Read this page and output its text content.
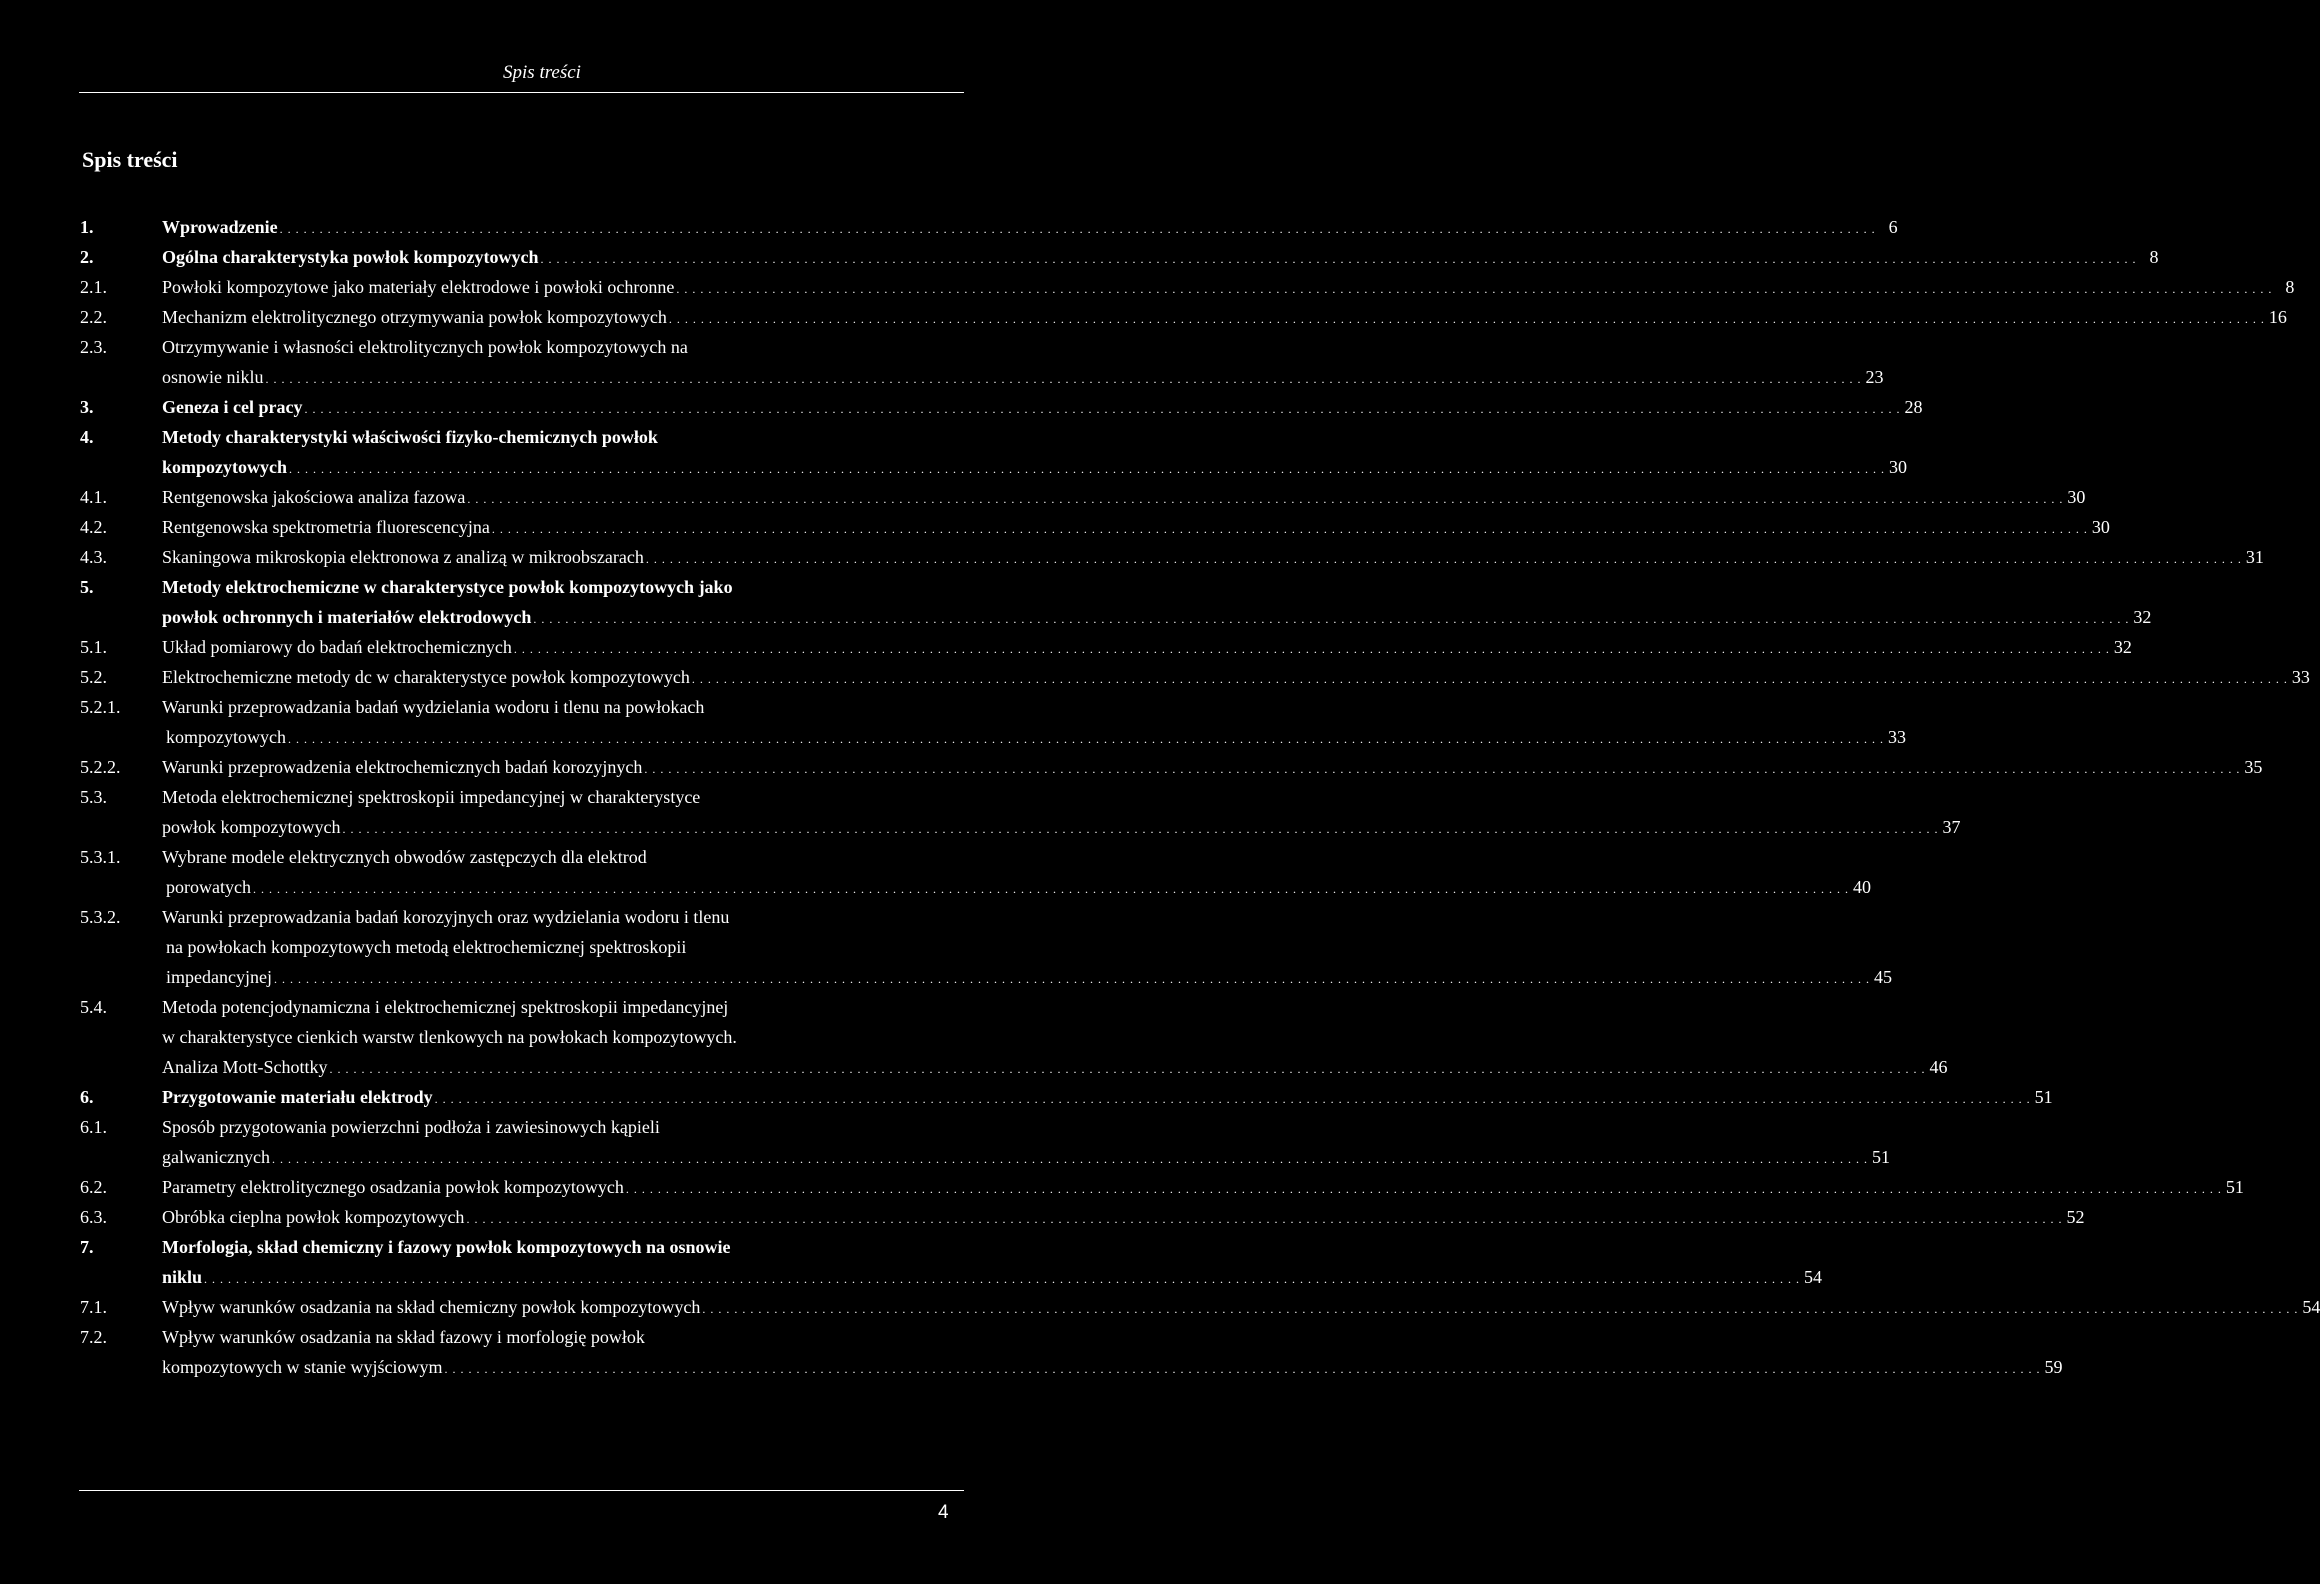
Spis treści
Spis treści
1.	Wprowadzenie . . . . . . . . . . . . . . . . . . . . . . . . . . . . . . . . . . . . . . . . . . . . . . . . . . . . . . . . . . . . . . . . . . . . . . . . . . . . . . . . . . . . . . . . . . . . . . . . . . . . . . . . . . . . . . . . . . . . . . . . . . . . . . . . . . . . . . . . . . . . . . . . . . . . . . . . . . . . . . . . . . . . . . . . . . . . . . . . . . . . . . . . . . . . . . . . . . . . . . . . 6
2.	Ogólna charakterystyka powłok kompozytowych . . . . . . . . . . . . . . . . . . . . . . . . . . . . . . . . . . . . . . . . . . . . . . . . . . . . . . . . . . . . . . . . . . . . . . . . . . . . . . . . . . . . . . . . . . . . . . . . . . . . . . . . . . . . . . . . . . . . . . . . . . . . . . . . . . . . . . . . . . . . . . . . . . . . . . . . . . . . . . . . . . . . . . . . . . . . . . . . . . . . . . . . . . . . . . . . . . . . . . . . 8
2.1.	Powłoki kompozytowe jako materiały elektrodowe i powłoki ochronne . . . . . . . . . . . . . . . . . . . . . . . . . . . . . . . . . . . . . . . . . . . . . . . . . . . . . . . . . . . . . . . . . . . . . . . . . . . . . . . . . . . . . . . . . . . . . . . . . . . . . . . . . . . . . . . . . . . . . . . . . . . . . . . . . . . . . . . . . . . . . . . . . . . . . . . . . . . . . . . . . . . . . . . . . . . . . . . . . . . . . . . . . . . . . . . . . . . . . . . . 8
2.2.	Mechanizm elektrolitycznego otrzymywania powłok kompozytowych . . . . . . . . . . . . . . . . . . . . . . . . . . . . . . . . . . . . . . . . . . . . . . . . . . . . . . . . . . . . . . . . . . . . . . . . . . . . . . . . . . . . . . . . . . . . . . . . . . . . . . . . . . . . . . . . . . . . . . . . . . . . . . . . . . . . . . . . . . . . . . . . . . . . . . . . . . . . . . . . . . . . . . . . . . . . . . . . . . . . . . . . . . . . . . . . . . . . . . . . 16
2.3.	Otrzymywanie i własności elektrolitycznych powłok kompozytowych na
osnowie niklu . . . . . . . . . . . . . . . . . . . . . . . . . . . . . . . . . . . . . . . . . . . . . . . . . . . . . . . . . . . . . . . . . . . . . . . . . . . . . . . . . . . . . . . . . . . . . . . . . . . . . . . . . . . . . . . . . . . . . . . . . . . . . . . . . . . . . . . . . . . . . . . . . . . . . . . . . . . . . . . . . . . . . . . . . . . . . . . . . . . . . . . . . . . . . . . . . . . . . . . . 23
3.	Geneza i cel pracy . . . . . . . . . . . . . . . . . . . . . . . . . . . . . . . . . . . . . . . . . . . . . . . . . . . . . . . . . . . . . . . . . . . . . . . . . . . . . . . . . . . . . . . . . . . . . . . . . . . . . . . . . . . . . . . . . . . . . . . . . . . . . . . . . . . . . . . . . . . . . . . . . . . . . . . . . . . . . . . . . . . . . . . . . . . . . . . . . . . . . . . . . . . . . . . . . . . . . . . . 28
4.	Metody charakterystyki właściwości fizyko-chemicznych powłok
kompozytowych . . . . . . . . . . . . . . . . . . . . . . . . . . . . . . . . . . . . . . . . . . . . . . . . . . . . . . . . . . . . . . . . . . . . . . . . . . . . . . . . . . . . . . . . . . . . . . . . . . . . . . . . . . . . . . . . . . . . . . . . . . . . . . . . . . . . . . . . . . . . . . . . . . . . . . . . . . . . . . . . . . . . . . . . . . . . . . . . . . . . . . . . . . . . . . . . . . . . . . . . 30
4.1.	Rentgenowska jakościowa analiza fazowa . . . . . . . . . . . . . . . . . . . . . . . . . . . . . . . . . . . . . . . . . . . . . . . . . . . . . . . . . . . . . . . . . . . . . . . . . . . . . . . . . . . . . . . . . . . . . . . . . . . . . . . . . . . . . . . . . . . . . . . . . . . . . . . . . . . . . . . . . . . . . . . . . . . . . . . . . . . . . . . . . . . . . . . . . . . . . . . . . . . . . . . . . . . . . . . . . . . . . . . . 30
4.2.	Rentgenowska spektrometria fluorescencyjna . . . . . . . . . . . . . . . . . . . . . . . . . . . . . . . . . . . . . . . . . . . . . . . . . . . . . . . . . . . . . . . . . . . . . . . . . . . . . . . . . . . . . . . . . . . . . . . . . . . . . . . . . . . . . . . . . . . . . . . . . . . . . . . . . . . . . . . . . . . . . . . . . . . . . . . . . . . . . . . . . . . . . . . . . . . . . . . . . . . . . . . . . . . . . . . . . . . . . . . . 30
4.3.	Skaningowa mikroskopia elektronowa z analizą w mikroobszarach . . . . . . . . . . . . . . . . . . . . . . . . . . . . . . . . . . . . . . . . . . . . . . . . . . . . . . . . . . . . . . . . . . . . . . . . . . . . . . . . . . . . . . . . . . . . . . . . . . . . . . . . . . . . . . . . . . . . . . . . . . . . . . . . . . . . . . . . . . . . . . . . . . . . . . . . . . . . . . . . . . . . . . . . . . . . . . . . . . . . . . . . . . . . . . . . . . . . . . . . 31
5.	Metody elektrochemiczne w charakterystyce powłok kompozytowych jako
powłok ochronnych i materiałów elektrodowych . . . . . . . . . . . . . . . . . . . . . . . . . . . . . . . . . . . . . . . . . . . . . . . . . . . . . . . . . . . . . . . . . . . . . . . . . . . . . . . . . . . . . . . . . . . . . . . . . . . . . . . . . . . . . . . . . . . . . . . . . . . . . . . . . . . . . . . . . . . . . . . . . . . . . . . . . . . . . . . . . . . . . . . . . . . . . . . . . . . . . . . . . . . . . . . . . . . . . . . . 32
5.1.	Układ pomiarowy do badań elektrochemicznych . . . . . . . . . . . . . . . . . . . . . . . . . . . . . . . . . . . . . . . . . . . . . . . . . . . . . . . . . . . . . . . . . . . . . . . . . . . . . . . . . . . . . . . . . . . . . . . . . . . . . . . . . . . . . . . . . . . . . . . . . . . . . . . . . . . . . . . . . . . . . . . . . . . . . . . . . . . . . . . . . . . . . . . . . . . . . . . . . . . . . . . . . . . . . . . . . . . . . . . . 32
5.2.	Elektrochemiczne metody dc w charakterystyce powłok kompozytowych . . . . . . . . . . . . . . . . . . . . . . . . . . . . . . . . . . . . . . . . . . . . . . . . . . . . . . . . . . . . . . . . . . . . . . . . . . . . . . . . . . . . . . . . . . . . . . . . . . . . . . . . . . . . . . . . . . . . . . . . . . . . . . . . . . . . . . . . . . . . . . . . . . . . . . . . . . . . . . . . . . . . . . . . . . . . . . . . . . . . . . . . . . . . . . . . . . . . . . . . 33
5.2.1. Warunki przeprowadzania badań wydzielania wodoru i tlenu na powłokach
kompozytowych . . . . . . . . . . . . . . . . . . . . . . . . . . . . . . . . . . . . . . . . . . . . . . . . . . . . . . . . . . . . . . . . . . . . . . . . . . . . . . . . . . . . . . . . . . . . . . . . . . . . . . . . . . . . . . . . . . . . . . . . . . . . . . . . . . . . . . . . . . . . . . . . . . . . . . . . . . . . . . . . . . . . . . . . . . . . . . . . . . . . . . . . . . . . . . . . . . . . . . . . 33
5.2.2. Warunki przeprowadzenia elektrochemicznych badań korozyjnych . . . . . . . . . . . . . . . . . . . . . . . . . . . . . . . . . . . . . . . . . . . . . . . . . . . . . . . . . . . . . . . . . . . . . . . . . . . . . . . . . . . . . . . . . . . . . . . . . . . . . . . . . . . . . . . . . . . . . . . . . . . . . . . . . . . . . . . . . . . . . . . . . . . . . . . . . . . . . . . . . . . . . . . . . . . . . . . . . . . . . . . . . . . . . . . . . . . . . . . . 35
5.3.	Metoda elektrochemicznej spektroskopii impedancyjnej w charakterystyce
powłok kompozytowych . . . . . . . . . . . . . . . . . . . . . . . . . . . . . . . . . . . . . . . . . . . . . . . . . . . . . . . . . . . . . . . . . . . . . . . . . . . . . . . . . . . . . . . . . . . . . . . . . . . . . . . . . . . . . . . . . . . . . . . . . . . . . . . . . . . . . . . . . . . . . . . . . . . . . . . . . . . . . . . . . . . . . . . . . . . . . . . . . . . . . . . . . . . . . . . . . . . . . . . . 37
5.3.1. Wybrane modele elektrycznych obwodów zastępczych dla elektrod
porowatych . . . . . . . . . . . . . . . . . . . . . . . . . . . . . . . . . . . . . . . . . . . . . . . . . . . . . . . . . . . . . . . . . . . . . . . . . . . . . . . . . . . . . . . . . . . . . . . . . . . . . . . . . . . . . . . . . . . . . . . . . . . . . . . . . . . . . . . . . . . . . . . . . . . . . . . . . . . . . . . . . . . . . . . . . . . . . . . . . . . . . . . . . . . . . . . . . . . . . . . . 40
5.3.2. Warunki przeprowadzania badań korozyjnych oraz wydzielania wodoru i tlenu
na powłokach kompozytowych metodą elektrochemicznej spektroskopii
impedancyjnej . . . . . . . . . . . . . . . . . . . . . . . . . . . . . . . . . . . . . . . . . . . . . . . . . . . . . . . . . . . . . . . . . . . . . . . . . . . . . . . . . . . . . . . . . . . . . . . . . . . . . . . . . . . . . . . . . . . . . . . . . . . . . . . . . . . . . . . . . . . . . . . . . . . . . . . . . . . . . . . . . . . . . . . . . . . . . . . . . . . . . . . . . . . . . . . . . . . . . . . . 45
5.4.	Metoda potencjodynamiczna i elektrochemicznej spektroskopii impedancyjnej
w charakterystyce cienkich warstw tlenkowych na powłokach kompozytowych.
Analiza Mott-Schottky . . . . . . . . . . . . . . . . . . . . . . . . . . . . . . . . . . . . . . . . . . . . . . . . . . . . . . . . . . . . . . . . . . . . . . . . . . . . . . . . . . . . . . . . . . . . . . . . . . . . . . . . . . . . . . . . . . . . . . . . . . . . . . . . . . . . . . . . . . . . . . . . . . . . . . . . . . . . . . . . . . . . . . . . . . . . . . . . . . . . . . . . . . . . . . . . . . . . . . . . 46
6.	Przygotowanie materiału elektrody . . . . . . . . . . . . . . . . . . . . . . . . . . . . . . . . . . . . . . . . . . . . . . . . . . . . . . . . . . . . . . . . . . . . . . . . . . . . . . . . . . . . . . . . . . . . . . . . . . . . . . . . . . . . . . . . . . . . . . . . . . . . . . . . . . . . . . . . . . . . . . . . . . . . . . . . . . . . . . . . . . . . . . . . . . . . . . . . . . . . . . . . . . . . . . . . . . . . . . . . 51
6.1.	Sposób przygotowania powierzchni podłoża i zawiesinowych kąpieli
galwanicznych . . . . . . . . . . . . . . . . . . . . . . . . . . . . . . . . . . . . . . . . . . . . . . . . . . . . . . . . . . . . . . . . . . . . . . . . . . . . . . . . . . . . . . . . . . . . . . . . . . . . . . . . . . . . . . . . . . . . . . . . . . . . . . . . . . . . . . . . . . . . . . . . . . . . . . . . . . . . . . . . . . . . . . . . . . . . . . . . . . . . . . . . . . . . . . . . . . . . . . . . 51
6.2.	Parametry elektrolitycznego osadzania powłok kompozytowych . . . . . . . . . . . . . . . . . . . . . . . . . . . . . . . . . . . . . . . . . . . . . . . . . . . . . . . . . . . . . . . . . . . . . . . . . . . . . . . . . . . . . . . . . . . . . . . . . . . . . . . . . . . . . . . . . . . . . . . . . . . . . . . . . . . . . . . . . . . . . . . . . . . . . . . . . . . . . . . . . . . . . . . . . . . . . . . . . . . . . . . . . . . . . . . . . . . . . . . . 51
6.3.	Obróbka cieplna powłok kompozytowych . . . . . . . . . . . . . . . . . . . . . . . . . . . . . . . . . . . . . . . . . . . . . . . . . . . . . . . . . . . . . . . . . . . . . . . . . . . . . . . . . . . . . . . . . . . . . . . . . . . . . . . . . . . . . . . . . . . . . . . . . . . . . . . . . . . . . . . . . . . . . . . . . . . . . . . . . . . . . . . . . . . . . . . . . . . . . . . . . . . . . . . . . . . . . . . . . . . . . . . . 52
7.	Morfologia, skład chemiczny i fazowy powłok kompozytowych na osnowie
niklu . . . . . . . . . . . . . . . . . . . . . . . . . . . . . . . . . . . . . . . . . . . . . . . . . . . . . . . . . . . . . . . . . . . . . . . . . . . . . . . . . . . . . . . . . . . . . . . . . . . . . . . . . . . . . . . . . . . . . . . . . . . . . . . . . . . . . . . . . . . . . . . . . . . . . . . . . . . . . . . . . . . . . . . . . . . . . . . . . . . . . . . . . . . . . . . . . . . . . . . . 54
7.1.	Wpływ warunków osadzania na skład chemiczny powłok kompozytowych . . . . . . . . . . . . . . . . . . . . . . . . . . . . . . . . . . . . . . . . . . . . . . . . . . . . . . . . . . . . . . . . . . . . . . . . . . . . . . . . . . . . . . . . . . . . . . . . . . . . . . . . . . . . . . . . . . . . . . . . . . . . . . . . . . . . . . . . . . . . . . . . . . . . . . . . . . . . . . . . . . . . . . . . . . . . . . . . . . . . . . . . . . . . . . . . . . . . . . . . 54
7.2.	Wpływ warunków osadzania na skład fazowy i morfologię powłok
kompozytowych w stanie wyjściowym . . . . . . . . . . . . . . . . . . . . . . . . . . . . . . . . . . . . . . . . . . . . . . . . . . . . . . . . . . . . . . . . . . . . . . . . . . . . . . . . . . . . . . . . . . . . . . . . . . . . . . . . . . . . . . . . . . . . . . . . . . . . . . . . . . . . . . . . . . . . . . . . . . . . . . . . . . . . . . . . . . . . . . . . . . . . . . . . . . . . . . . . . . . . . . . . . . . . . . . . 59
4
